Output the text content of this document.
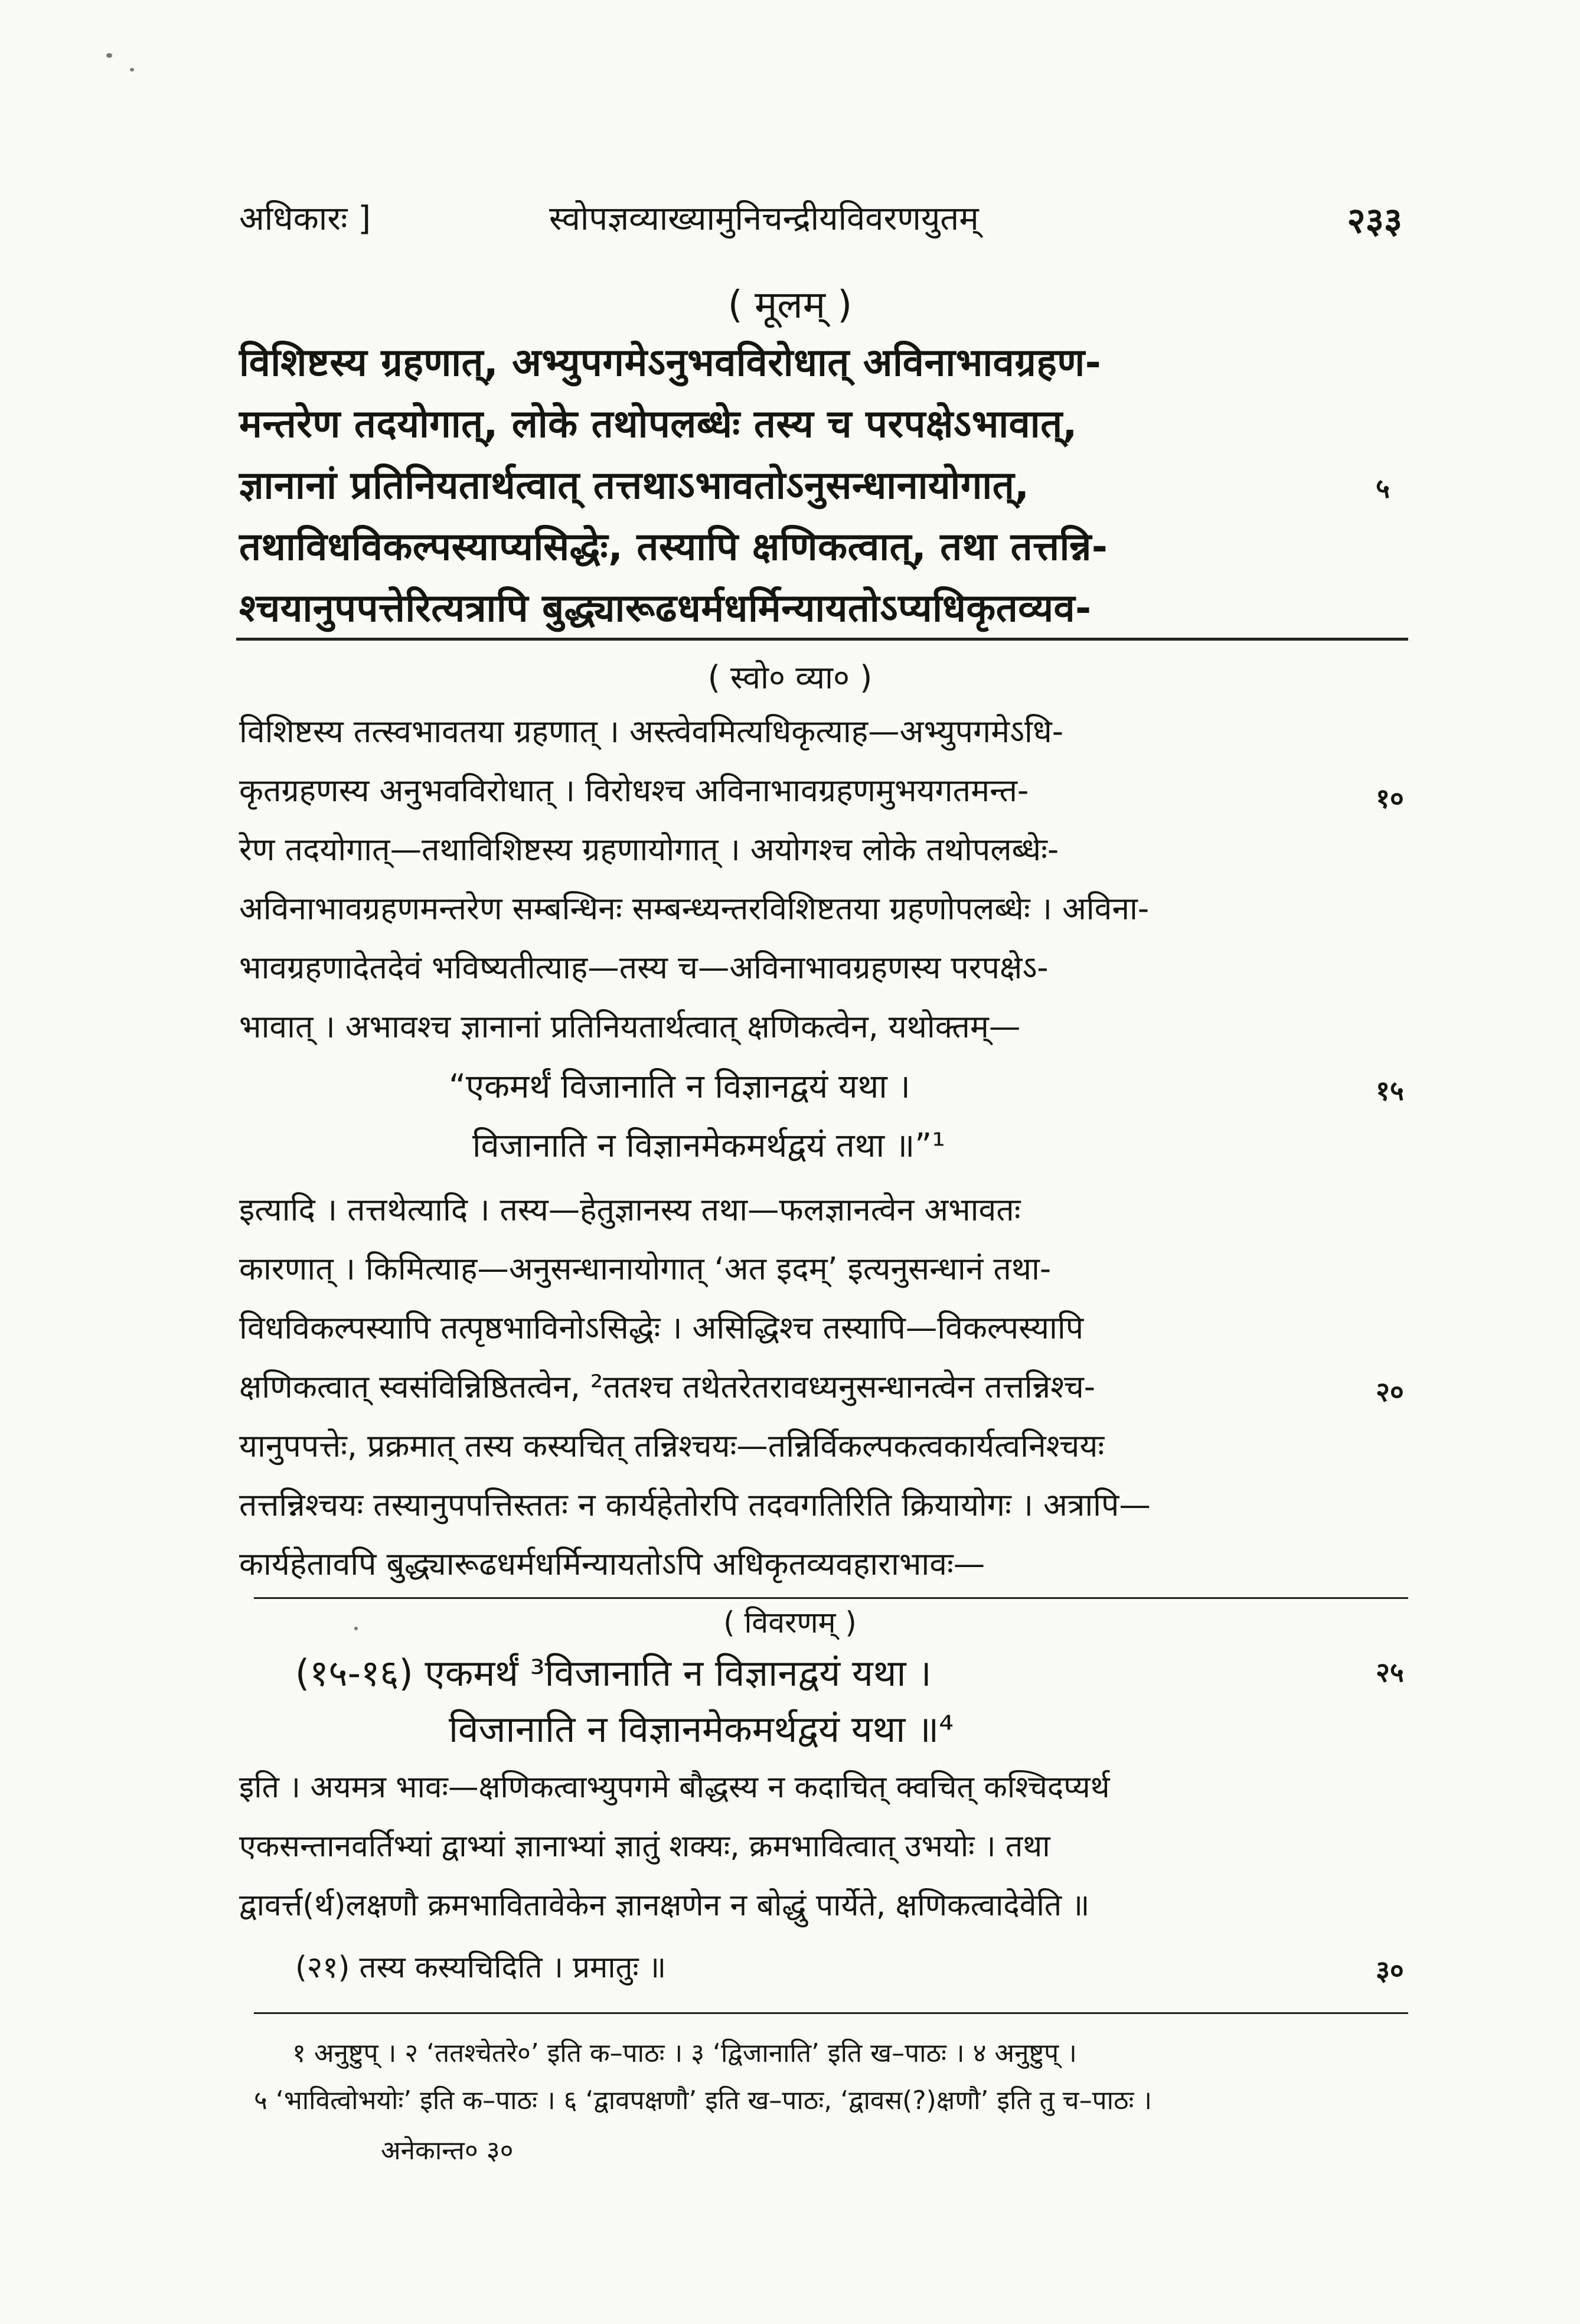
अधिकारः ]	स्वोपज्ञव्याख्यामुनिचन्द्रीयविवरणयुतम्	२३३
( मूलम् )
विशिष्टस्य ग्रहणात्, अभ्युपगमेऽनुभवविरोधात् अविनाभावग्रहण-
मन्तरेण तदयोगात्, लोके तथोपलब्धेः तस्य च परपक्षेऽभावात्,
ज्ञानानां प्रतिनियतार्थत्वात् तत्तथाऽभावतोऽनुसन्धानायोगात्,	५
तथाविधविकल्पस्याप्यसिद्धेः, तस्यापि क्षणिकत्वात्, तथा तत्तन्नि-
श्चयानुपपत्तेरित्यत्रापि बुद्ध्यारूढधर्मधर्मिन्यायतोऽप्यधिकृतव्यव-
( स्वो० व्या० )
विशिष्टस्य तत्स्वभावतया ग्रहणात् । अस्त्वेवमित्यधिकृत्याह—अभ्युपगमेऽधि-
कृतग्रहणस्य अनुभवविरोधात् । विरोधश्च अविनाभावग्रहणमुभयगतमन्त-	१०
रेण तदयोगात्—तथाविशिष्टस्य ग्रहणायोगात् । अयोगश्च लोके तथोपलब्धेः-
अविनाभावग्रहणमन्तरेण सम्बन्धिनः सम्बन्ध्यन्तरविशिष्टतया ग्रहणोपलब्धेः । अविना-
भावग्रहणादेतदेवं भविष्यतीत्याह—तस्य च—अविनाभावग्रहणस्य परपक्षेऽ-
भावात् । अभावश्च ज्ञानानां प्रतिनियतार्थत्वात् क्षणिकत्वेन, यथोक्तम्—
“एकमर्थं विजानाति न विज्ञानद्वयं यथा ।	१५
विजानाति न विज्ञानमेकमर्थद्वयं तथा ॥”¹
इत्यादि । तत्तथेत्यादि । तस्य—हेतुज्ञानस्य तथा—फलज्ञानत्वेन अभावतः
कारणात् । किमित्याह—अनुसन्धानायोगात् ‘अत इदम्’ इत्यनुसन्धानं तथा-
विधविकल्पस्यापि तत्पृष्ठभाविनोऽसिद्धेः । असिद्धिश्च तस्यापि—विकल्पस्यापि
क्षणिकत्वात् स्वसंविन्निष्ठितत्वेन, ²ततश्च तथेतरेतरावध्यनुसन्धानत्वेन तत्तन्निश्च-	२०
यानुपपत्तेः, प्रक्रमात् तस्य कस्यचित् तन्निश्चयः—तन्निर्विकल्पकत्वकार्यत्वनिश्चयः
तत्तन्निश्चयः तस्यानुपपत्तिस्ततः न कार्यहेतोरपि तदवगतिरिति क्रियायोगः । अत्रापि—
कार्यहेतावपि बुद्ध्यारूढधर्मधर्मिन्यायतोऽपि अधिकृतव्यवहाराभावः—
( विवरणम् )
(१५-१६) एकमर्थं ³विजानाति न विज्ञानद्वयं यथा ।	२५
विजानाति न विज्ञानमेकमर्थद्वयं यथा ॥⁴
इति । अयमत्र भावः—क्षणिकत्वाभ्युपगमे बौद्धस्य न कदाचित् क्वचित् कश्चिदप्यर्थ
एकसन्तानवर्तिभ्यां द्वाभ्यां ज्ञानाभ्यां ज्ञातुं शक्यः, क्रमभावित्वात् उभयोः । तथा
द्वावर्त्त(र्थ)लक्षणौ क्रमभावितावेकेन ज्ञानक्षणेन न बोद्धुं पार्येते, क्षणिकत्वादेवेति ॥
(२१) तस्य कस्यचिदिति । प्रमातुः ॥	३०
१ अनुष्टुप् । २ ‘ततश्चेतरे०’ इति क–पाठः । ३ ‘द्विजानाति’ इति ख–पाठः । ४ अनुष्टुप् ।
५ ‘भावित्वोभयोः’ इति क–पाठः । ६ ‘द्वावपक्षणौ’ इति ख–पाठः, ‘द्वावस(?)क्षणौ’ इति तु च–पाठः ।
अनेकान्त० ३०
